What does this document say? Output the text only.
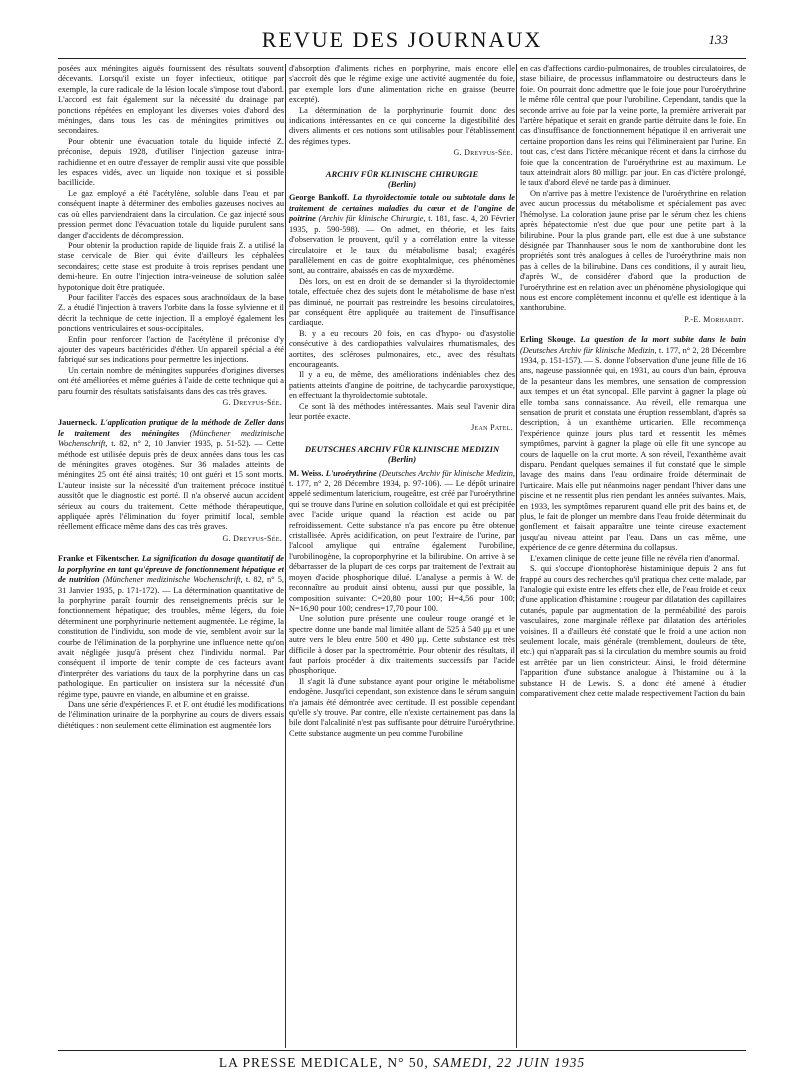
REVUE DES JOURNAUX	133

posées aux méningites aiguës fournissent des résultats souvent décevants. Lorsqu'il existe un foyer infectieux, otitique par exemple, la cure radicale de la lésion locale s'impose tout d'abord. L'accord est fait également sur la nécessité du drainage par ponctions répétées en employant les diverses voies d'abord des méninges, dans tous les cas de méningites primitives ou secondaires.

Pour obtenir une évacuation totale du liquide infecté Z. préconise, depuis 1928, d'utiliser l'injection gazeuse intra-rachidienne et en outre d'essayer de remplir aussi vite que possible les espaces vidés, avec un liquide non toxique et si possible bacillicide.

Le gaz employé a été l'acétylène, soluble dans l'eau et par conséquent inapte à déterminer des embolies gazeuses nocives au cas où elles parviendraient dans la circulation. Ce gaz injecté sous pression permet donc l'évacuation totale du liquide purulent sans danger d'accidents de décompression.

Pour obtenir la production rapide de liquide frais Z. a utilisé la stase cervicale de Bier qui évite d'ailleurs les céphalées secondaires; cette stase est produite à trois reprises pendant une demi-heure. En outre l'injection intra-veineuse de solution salée hypotonique doit être pratiquée.

Pour faciliter l'accès des espaces sous arachnoïdaux de la base Z. a étudié l'injection à travers l'orbite dans la fosse sylvienne et il décrit la technique de cette injection. Il a employé également les ponctions ventriculaires et sous-occipitales.

Enfin pour renforcer l'action de l'acétylène il préconise d'y ajouter des vapeurs bactéricides d'éther. Un appareil spécial a été fabriqué sur ses indications pour permettre les injections.

Un certain nombre de méningites suppurées d'origines diverses ont été améliorées et même guéries à l'aide de cette technique qui a paru fournir des résultats satisfaisants dans des cas très graves.

G. Dreyfus-Sée.

Jauerneck. L'application pratique de la méthode de Zeller dans le traitement des méningites (Münchener medizinische Wochenschrift, t. 82, n° 2, 10 Janvier 1935, p. 51-52). — Cette méthode est utilisée depuis près de deux années dans tous les cas de méningites graves otogènes. Sur 36 malades atteints de méningites 25 ont été ainsi traités; 10 ont guéri et 15 sont morts. L'auteur insiste sur la nécessité d'un traitement précoce institué aussitôt que le diagnostic est porté. Il n'a observé aucun accident sérieux au cours du traitement. Cette méthode thérapeutique, appliquée après l'élimination du foyer primitif local, semble réellement efficace même dans des cas très graves.

G. Dreyfus-Sée.

Franke et Fikentscher. La signification du dosage quantitatif de la porphyrine en tant qu'épreuve de fonctionnement hépatique et de nutrition (Münchener medizinische Wochenschrift, t. 82, n° 5, 31 Janvier 1935, p. 171-172). — La détermination quantitative de la porphyrine paraît fournir des renseignements précis sur le fonctionnement hépatique; des troubles, même légers, du foie déterminent une porphyrinurie nettement augmentée. Le régime, la constitution de l'individu, son mode de vie, semblent avoir sur la courbe de l'élimination de la porphyrine une influence nette qu'on avait négligée jusqu'à présent chez l'individu normal. Par conséquent il importe de tenir compte de ces facteurs avant d'interpréter des variations du taux de la porphyrine dans un cas pathologique. En particulier on insistera sur la nécessité d'un régime type, pauvre en viande, en albumine et en graisse.

Dans une série d'expériences F. et F. ont étudié les modifications de l'élimination urinaire de la porphyrine au cours de divers essais diététiques : non seulement cette élimination est augmentée lors

d'absorption d'aliments riches en porphyrine, mais encore elle s'accroît dès que le régime exige une activité augmentée du foie, par exemple lors d'une alimentation riche en graisse (beurre excepté).

La détermination de la porphyrinurie fournit donc des indications intéressantes en ce qui concerne la digestibilité des divers aliments et ces notions sont utilisables pour l'établissement des régimes types.

G. Dreyfus-Sée.
ARCHIV FÜR KLINISCHE CHIRURGIE
(Berlin)

George Bankoff. La thyroïdectomie totale ou subtotale dans le traitement de certaines maladies du cœur et de l'angine de poitrine (Archiv für klinische Chirurgie, t. 181, fasc. 4, 20 Février 1935, p. 590-598). — On admet, en théorie, et les faits d'observation le prouvent, qu'il y a corrélation entre la vitesse circulatoire et le taux du métabolisme basal; exagérés parallèlement en cas de goitre exophtalmique, ces phénomènes sont, au contraire, abaissés en cas de myxœdème.

Dès lors, on est en droit de se demander si la thyroïdectomie totale, effectuée chez des sujets dont le métabolisme de base n'est pas diminué, ne pourrait pas restreindre les besoins circulatoires, par conséquent être appliquée au traitement de l'insuffisance cardiaque.

B. y a eu recours 20 fois, en cas d'hypo- ou d'asystolie consécutive à des cardiopathies valvulaires rhumatismales, des aortites, des scléroses pulmonaires, etc., avec des résultats encourageants.

Il y a eu, de même, des améliorations indéniables chez des patients atteints d'angine de poitrine, de tachycardie paroxystique, en effectuant la thyroïdectomie subtotale.

Ce sont là des méthodes intéressantes. Mais seul l'avenir dira leur portée exacte.

Jean Patel.
DEUTSCHES ARCHIV FÜR KLINISCHE MEDIZIN
(Berlin)

M. Weiss. L'urοérythrine (Deutsches Archiv für klinische Medizin, t. 177, n° 2, 28 Décembre 1934, p. 97-106). — Le dépôt urinaire appelé sedimentum latericium, rougeâtre, est créé par l'uroérythrine qui se trouve dans l'urine en solution colloïdale et qui est précipitée avec l'acide urique quand la réaction est acide ou par refroidissement. Cette substance n'a pas encore pu être obtenue cristallisée. Après acidification, on peut l'extraire de l'urine, par l'alcool amylique qui entraîne également l'urobiline, l'urobilinogène, la coproporphyrine et la bilirubine. On arrive à se débarrasser de la plupart de ces corps par traitement de l'extrait au moyen d'acide phosphorique dilué. L'analyse a permis à W. de reconnaître au produit ainsi obtenu, aussi pur que possible, la composition suivante: C=20,80 pour 100; H=4,56 pour 100; N=16,90 pour 100; cendres=17,70 pour 100.

Une solution pure présente une couleur rouge orangé et le spectre donne une bande mal limitée allant de 525 à 540 μμ et une autre vers le bleu entre 500 et 490 μμ. Cette substance est très difficile à doser par la spectrométrie. Pour obtenir des résultats, il faut parfois procéder à dix traitements successifs par l'acide phosphorique.

Il s'agit là d'une substance ayant pour origine le métabolisme endogène. Jusqu'ici cependant, son existence dans le sérum sanguin n'a jamais été démontrée avec certitude. Il est possible cependant qu'elle s'y trouve. Par contre, elle n'existe certainement pas dans la bile dont l'alcalinité n'est pas suffisante pour détruire l'uroérythrine. Cette substance augmente un peu comme l'urobiline

en cas d'affections cardio-pulmonaires, de troubles circulatoires, de stase biliaire, de processus inflammatoire ou destructeurs dans le foie. On pourrait donc admettre que le foie joue pour l'uroérythrine le même rôle central que pour l'urobiline. Cependant, tandis que la seconde arrive au foie par la veine porte, la première arriverait par l'artère hépatique et serait en grande partie détruite dans le foie. En cas d'insuffisance de fonctionnement hépatique il en arriverait une certaine proportion dans les reins qui l'élimineraient par l'urine. En tout cas, c'est dans l'ictère mécanique récent et dans la cirrhose du foie que la concentration de l'uroérythrine est au maximum. Le taux atteindrait alors 80 milligr. par jour. En cas d'ictère prolongé, le taux d'abord élevé ne tarde pas à diminuer.

On n'arrive pas à mettre l'existence de l'uroérythrine en relation avec aucun processus du métabolisme et spécialement pas avec l'hémolyse. La coloration jaune prise par le sérum chez les chiens après hépatectomie n'est due que pour une petite part à la bilirubine. Pour la plus grande part, elle est due à une substance désignée par Thannhauser sous le nom de xanthorubine dont les propriétés sont très analogues à celles de l'uroérythrine mais non pas à celles de la bilirubine. Dans ces conditions, il y aurait lieu, d'après W., de considérer d'abord que la production de l'uroérythrine est en relation avec un phénomène physiologique qui nous est encore complètement inconnu et qu'elle est identique à la xanthorubine.

P.-E. Morhardt.

Erling Skouge. La question de la mort subite dans le bain (Deutsches Archiv für klinische Medizin, t. 177, n° 2, 28 Décembre 1934, p. 151-157). — S. donne l'observation d'une jeune fille de 16 ans, nageuse passionnée qui, en 1931, au cours d'un bain, éprouva de la pesanteur dans les membres, une sensation de compression aux tempes et un état syncopal. Elle parvint à gagner la plage où elle tomba sans connaissance. Au réveil, elle remarqua une sensation de prurit et constata une éruption ressemblant, d'après sa description, à un exanthème urticarien. Elle recommença l'expérience quinze jours plus tard et ressentit les mêmes symptômes, parvint à gagner la plage où elle fit une syncope au cours de laquelle on la crut morte. A son réveil, l'exanthème avait disparu. Pendant quelques semaines il fut constaté que le simple lavage des mains dans l'eau ordinaire froide déterminait de l'urticaire. Mais elle put néanmoins nager pendant l'hiver dans une piscine et ne ressentit plus rien pendant les années suivantes. Mais, en 1933, les symptômes reparurent quand elle prit des bains et, de plus, le fait de plonger un membre dans l'eau froide déterminait du gonflement et faisait apparaître une teinte cireuse exactement jusqu'au niveau atteint par l'eau. Dans un cas même, une expérience de ce genre détermina du collapsus.

L'examen clinique de cette jeune fille ne révéla rien d'anormal.

S. qui s'occupe d'iontophorèse histaminique depuis 2 ans fut frappé au cours des recherches qu'il pratiqua chez cette malade, par l'analogie qui existe entre les effets chez elle, de l'eau froide et ceux d'une application d'histamine : rougeur par dilatation des capillaires cutanés, papule par augmentation de la perméabilité des parois vasculaires, zone marginale réflexe par dilatation des artérioles voisines. Il a d'ailleurs été constaté que le froid a une action non seulement locale, mais générale (tremblement, douleurs de tête, etc.) qui n'apparaît pas si la circulation du membre soumis au froid est arrêtée par un lien constricteur. Ainsi, le froid détermine l'apparition d'une substance analogue à l'histamine ou à la substance H de Lewis. S. a donc été amené à étudier comparativement chez cette malade respectivement l'action du bain

LA PRESSE MEDICALE, N° 50, SAMEDI, 22 JUIN 1935
